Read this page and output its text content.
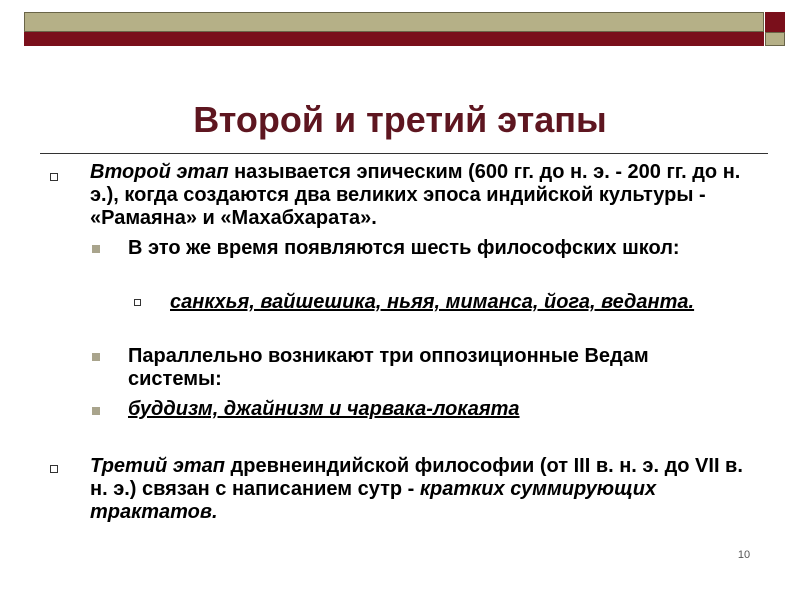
Второй и третий этапы

Второй этап называется эпическим (600 гг. до н. э. - 200 гг. до н. э.), когда создаются два великих эпоса индийской культуры - «Рамаяна» и «Махабхарата».

В это же время появляются шесть философских школ:

санкхья, вайшешика, ньяя, миманса, йога, веданта.

Параллельно возникают три оппозиционные Ведам системы:

буддизм, джайнизм и чарвака-локаята

Третий этап древнеиндийской философии (от III в. н. э. до VII в. н. э.) связан с написанием сутр - кратких суммирующих трактатов.

10
